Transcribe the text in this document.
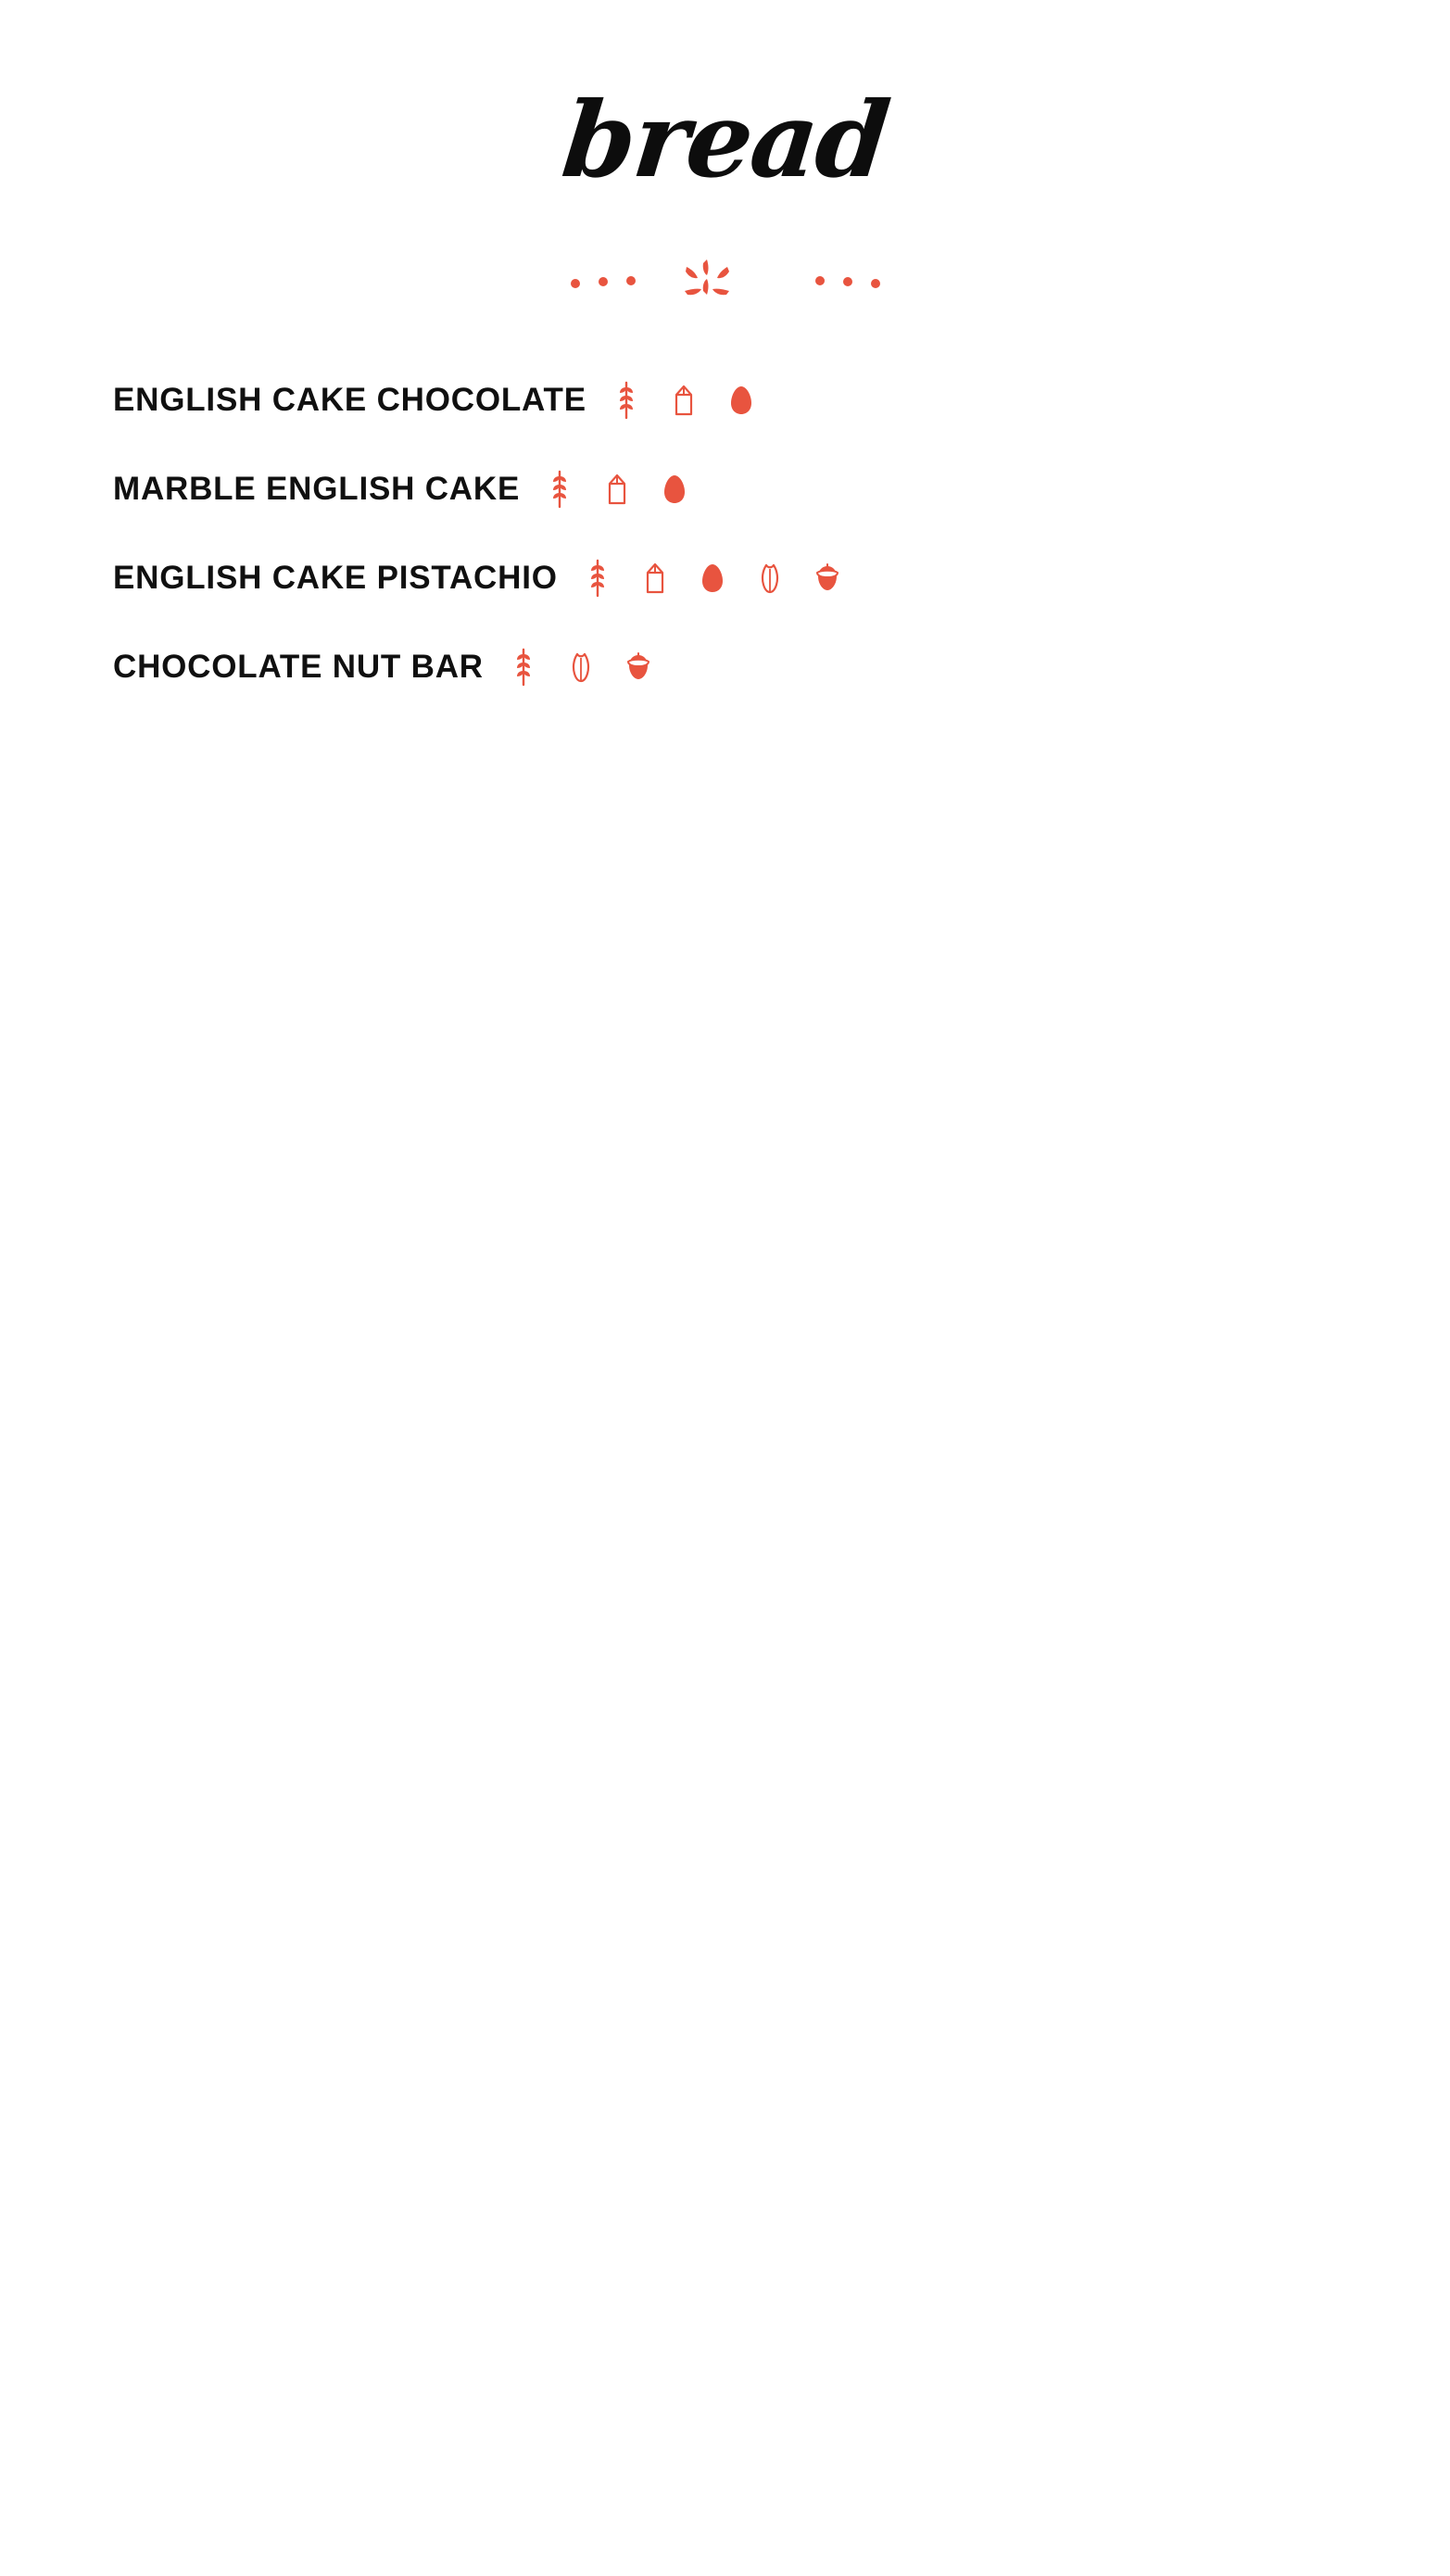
bread
ENGLISH CAKE CHOCOLATE
MARBLE ENGLISH CAKE
ENGLISH CAKE PISTACHIO
CHOCOLATE NUT BAR
